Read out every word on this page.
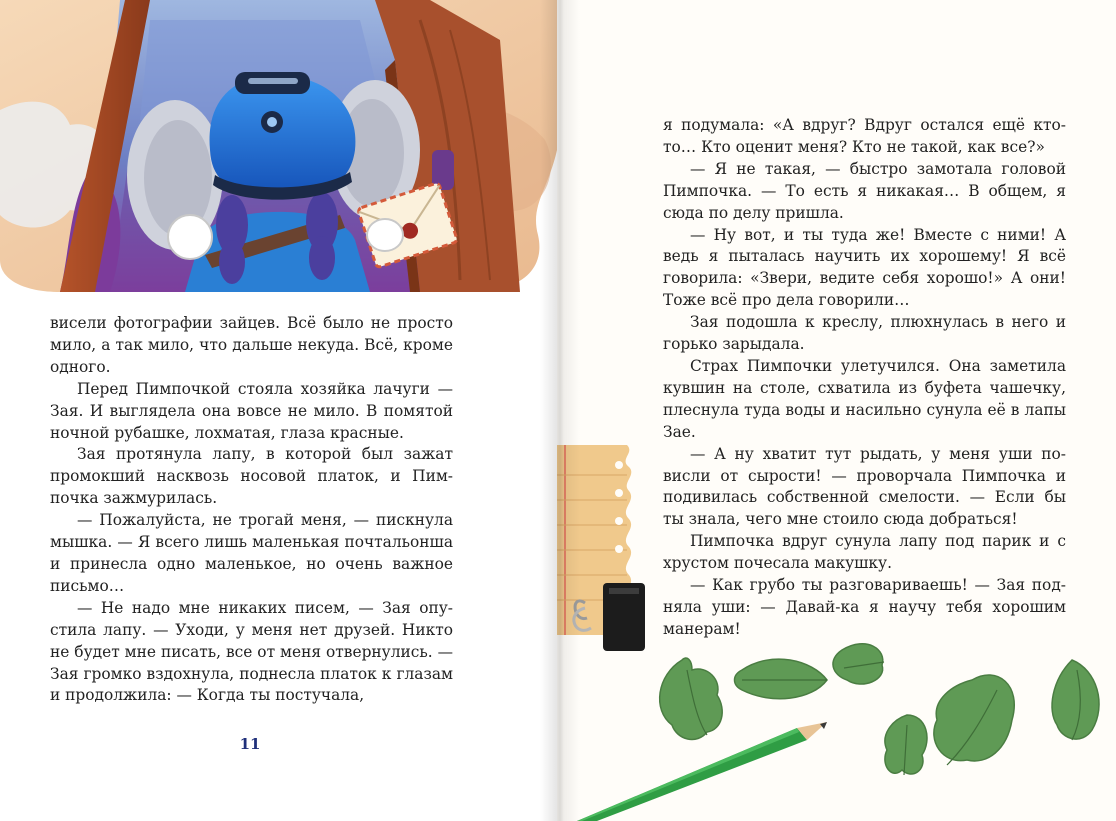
висели фотографии зайцев. Всё было не просто мило, а так мило, что дальше некуда. Всё, кроме одного.

Перед Пимпочкой стояла хозяйка лачуги — Зая. И выглядела она вовсе не мило. В помятой ночной рубашке, лохматая, глаза красные.

Зая протянула лапу, в которой был зажат промокший насквозь носовой платок, и Пимпочка зажмурилась.

— Пожалуйста, не трогай меня, — пискнула мышка. — Я всего лишь маленькая почтальонша и принесла одно маленькое, но очень важное письмо…

— Не надо мне никаких писем, — Зая опустила лапу. — Уходи, у меня нет друзей. Никто не будет мне писать, все от меня отвернулись. — Зая громко вздохнула, поднесла платок к глазам и продолжила: — Когда ты постучала,

11

я подумала: «А вдруг? Вдруг остался ещё кто-то… Кто оценит меня? Кто не такой, как все?»

— Я не такая, — быстро замотала головой Пимпочка. — То есть я никакая… В общем, я сюда по делу пришла.

— Ну вот, и ты туда же! Вместе с ними! А ведь я пыталась научить их хорошему! Я всё говорила: «Звери, ведите себя хорошо!» А они! Тоже всё про дела говорили…

Зая подошла к креслу, плюхнулась в него и горько зарыдала.

Страх Пимпочки улетучился. Она заметила кувшин на столе, схватила из буфета чашечку, плеснула туда воды и насильно сунула её в лапы Зае.

— А ну хватит тут рыдать, у меня уши повисли от сырости! — проворчала Пимпочка и подивилась собственной смелости. — Если бы ты знала, чего мне стоило сюда добраться!

Пимпочка вдруг сунула лапу под парик и с хрустом почесала макушку.

— Как грубо ты разговариваешь! — Зая подняла уши: — Давай-ка я научу тебя хорошим манерам!
